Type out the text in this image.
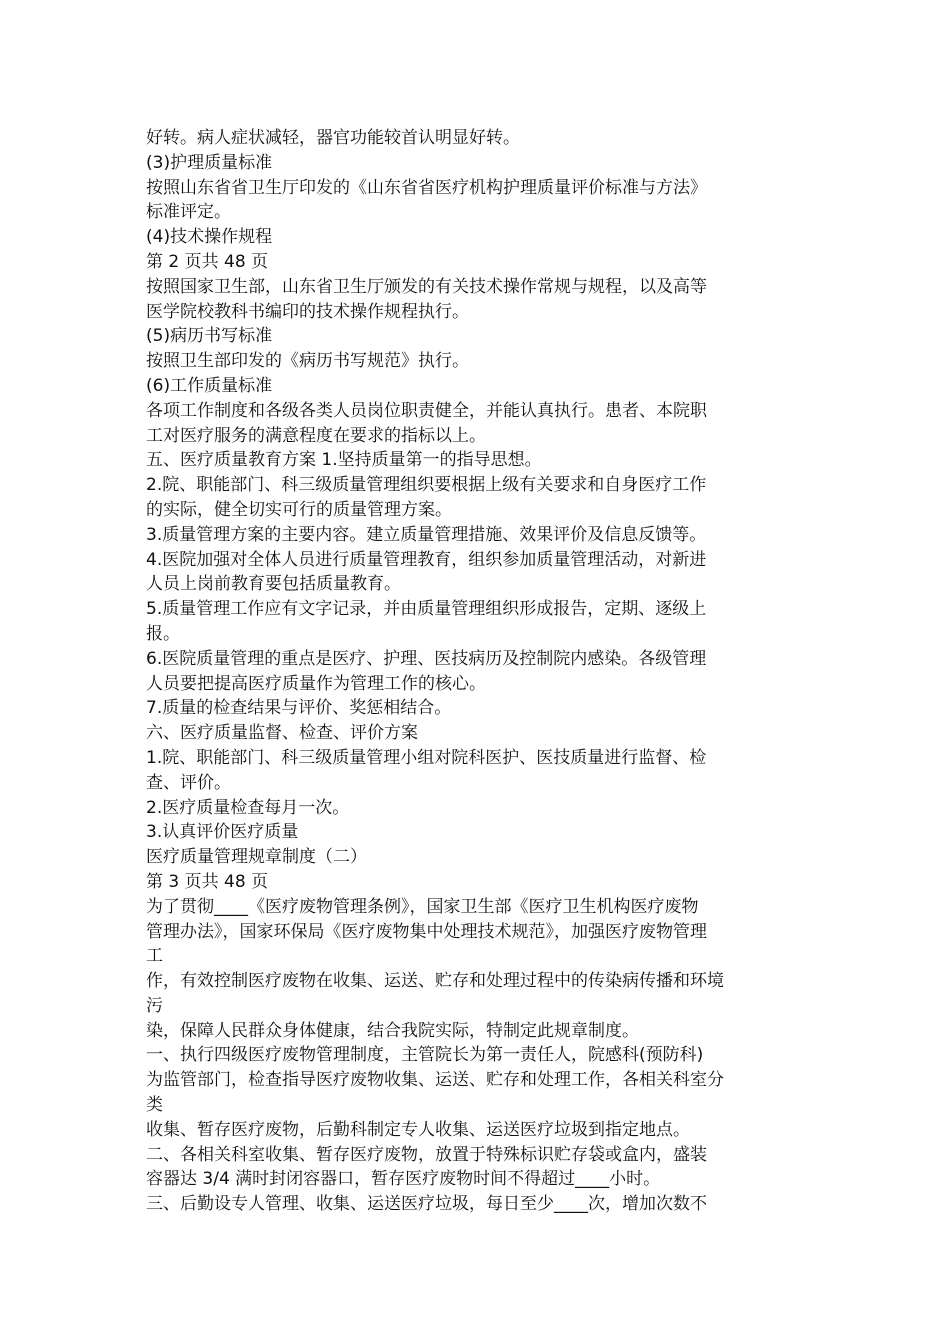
好转。病人症状减轻，器官功能较首认明显好转。
(3)护理质量标准
按照山东省省卫生厅印发的《山东省省医疗机构护理质量评价标准与方法》
标准评定。
(4)技术操作规程
第 2 页共 48 页
按照国家卫生部，山东省卫生厅颁发的有关技术操作常规与规程，以及高等
医学院校教科书编印的技术操作规程执行。
(5)病历书写标准
按照卫生部印发的《病历书写规范》执行。
(6)工作质量标准
各项工作制度和各级各类人员岗位职责健全，并能认真执行。患者、本院职
工对医疗服务的满意程度在要求的指标以上。
五、医疗质量教育方案 1.坚持质量第一的指导思想。
2.院、职能部门、科三级质量管理组织要根据上级有关要求和自身医疗工作
的实际，健全切实可行的质量管理方案。
3.质量管理方案的主要内容。建立质量管理措施、效果评价及信息反馈等。
4.医院加强对全体人员进行质量管理教育，组织参加质量管理活动，对新进
人员上岗前教育要包括质量教育。
5.质量管理工作应有文字记录，并由质量管理组织形成报告，定期、逐级上
报。
6.医院质量管理的重点是医疗、护理、医技病历及控制院内感染。各级管理
人员要把提高医疗质量作为管理工作的核心。
7.质量的检查结果与评价、奖惩相结合。
六、医疗质量监督、检查、评价方案
1.院、职能部门、科三级质量管理小组对院科医护、医技质量进行监督、检
查、评价。
2.医疗质量检查每月一次。
3.认真评价医疗质量
医疗质量管理规章制度（二）
第 3 页共 48 页
为了贯彻____《医疗废物管理条例》，国家卫生部《医疗卫生机构医疗废物
管理办法》，国家环保局《医疗废物集中处理技术规范》，加强医疗废物管理
工
作，有效控制医疗废物在收集、运送、贮存和处理过程中的传染病传播和环境
污
染，保障人民群众身体健康，结合我院实际，特制定此规章制度。
一、执行四级医疗废物管理制度，主管院长为第一责任人，院感科(预防科)
为监管部门，检查指导医疗废物收集、运送、贮存和处理工作，各相关科室分
类
收集、暂存医疗废物，后勤科制定专人收集、运送医疗垃圾到指定地点。
二、各相关科室收集、暂存医疗废物，放置于特殊标识贮存袋或盒内，盛装
容器达 3/4 满时封闭容器口，暂存医疗废物时间不得超过____小时。
三、后勤设专人管理、收集、运送医疗垃圾，每日至少____次，增加次数不
